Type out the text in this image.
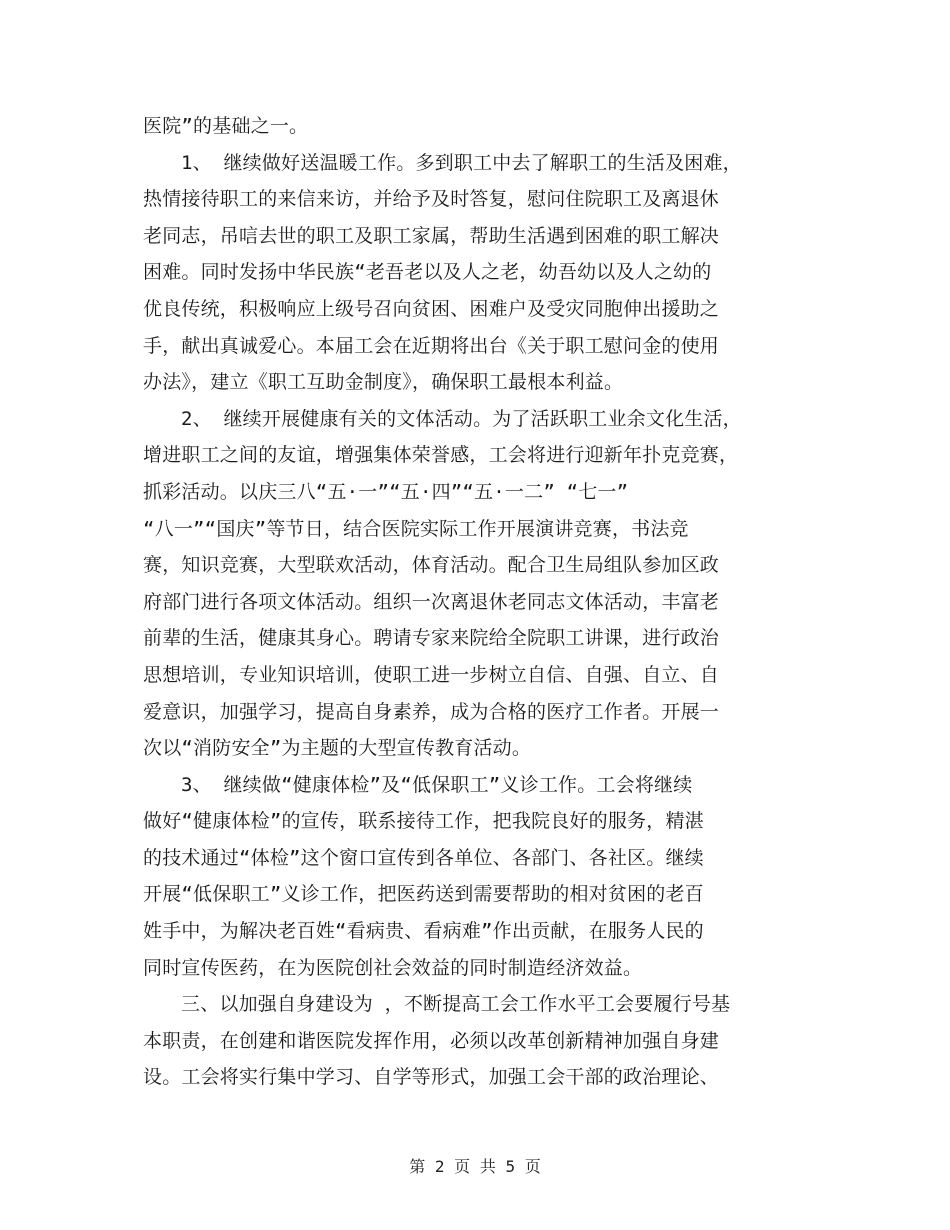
医院”的基础之一。
1、 继续做好送温暖工作。多到职工中去了解职工的生活及困难，
热情接待职工的来信来访，并给予及时答复，慰问住院职工及离退休
老同志，吊唁去世的职工及职工家属，帮助生活遇到困难的职工解决
困难。同时发扬中华民族“老吾老以及人之老，幼吾幼以及人之幼的
优良传统，积极响应上级号召向贫困、困难户及受灾同胞伸出援助之
手，献出真诚爱心。本届工会在近期将出台《关于职工慰问金的使用
办法》，建立《职工互助金制度》，确保职工最根本利益。
2、 继续开展健康有关的文体活动。为了活跃职工业余文化生活，
增进职工之间的友谊，增强集体荣誉感，工会将进行迎新年扑克竞赛，
抓彩活动。以庆三八“五·一”“五·四”“五·一二” “七一”
“八一”“国庆”等节日，结合医院实际工作开展演讲竞赛，书法竞
赛，知识竞赛，大型联欢活动，体育活动。配合卫生局组队参加区政
府部门进行各项文体活动。组织一次离退休老同志文体活动，丰富老
前辈的生活，健康其身心。聘请专家来院给全院职工讲课，进行政治
思想培训，专业知识培训，使职工进一步树立自信、自强、自立、自
爱意识，加强学习，提高自身素养，成为合格的医疗工作者。开展一
次以“消防安全”为主题的大型宣传教育活动。
3、 继续做“健康体检”及“低保职工”义诊工作。工会将继续
做好“健康体检”的宣传，联系接待工作，把我院良好的服务，精湛
的技术通过“体检”这个窗口宣传到各单位、各部门、各社区。继续
开展“低保职工”义诊工作，把医药送到需要帮助的相对贫困的老百
姓手中，为解决老百姓“看病贵、看病难”作出贡献，在服务人民的
同时宣传医药，在为医院创社会效益的同时制造经济效益。
三、以加强自身建设为 ，不断提高工会工作水平工会要履行号基
本职责，在创建和谐医院发挥作用，必须以改革创新精神加强自身建
设。工会将实行集中学习、自学等形式，加强工会干部的政治理论、
第 2 页 共 5 页
